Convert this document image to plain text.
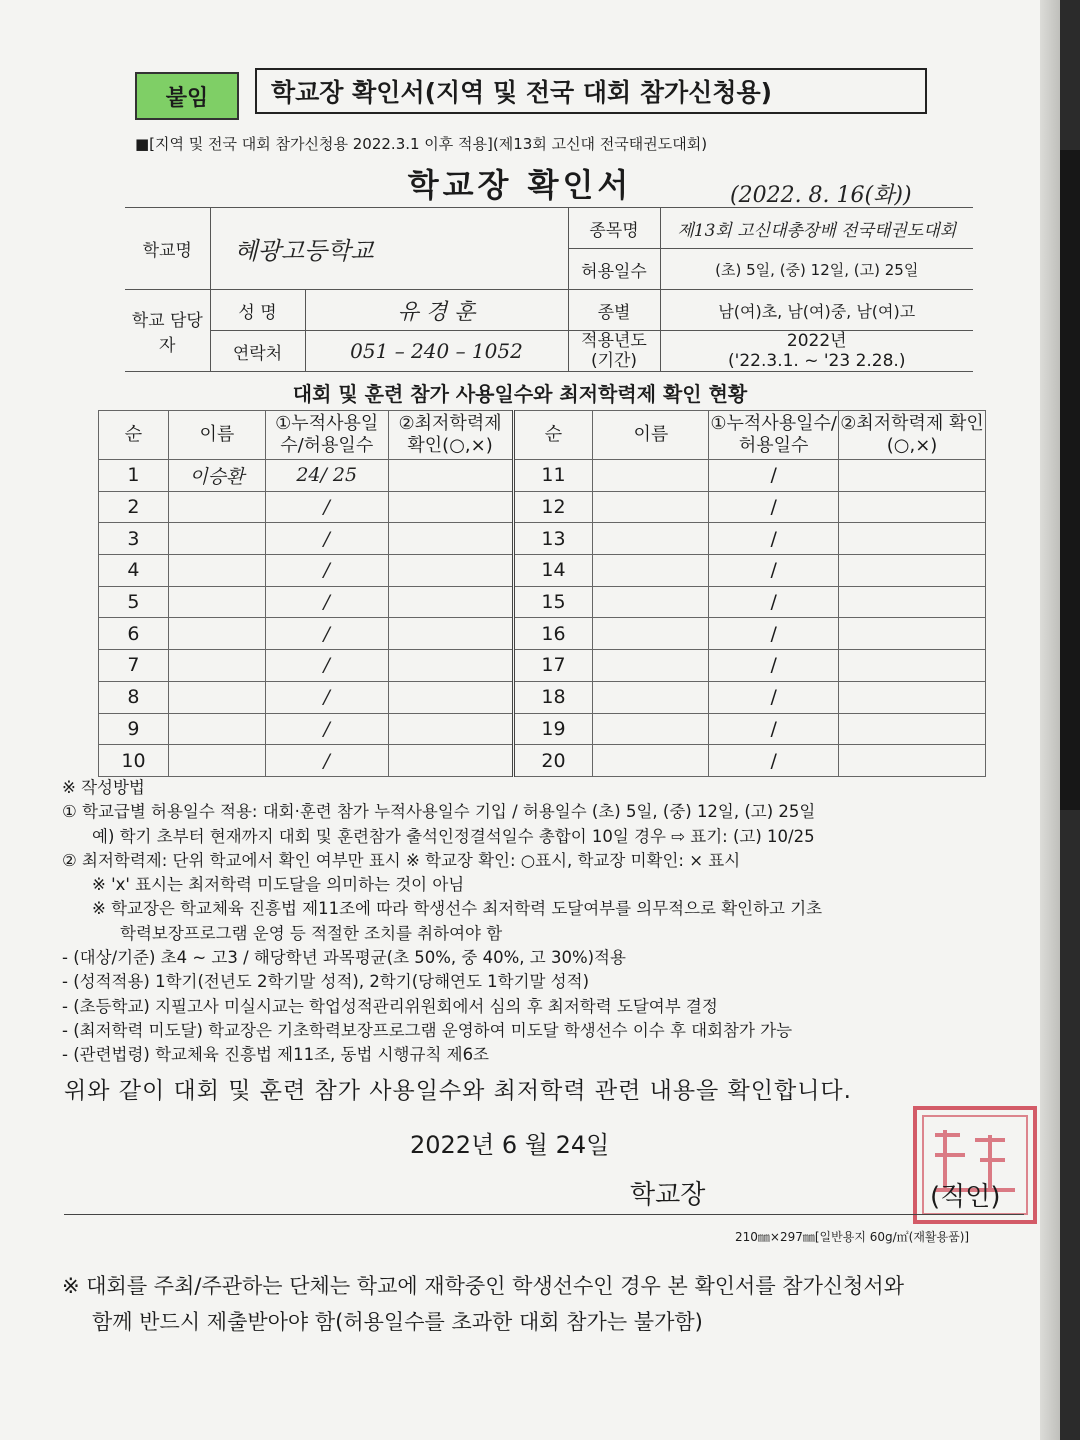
붙임	학교장 확인서(지역 및 전국 대회 참가신청용)
■[지역 및 전국 대회 참가신청용 2022.3.1 이후 적용](제13회 고신대 전국태권도대회)
학교장 확인서	(2022. 8. 16(화))
학교명	혜광고등학교		종목명	제13회 고신대총장배 전국태권도대회
			허용일수	(초) 5일, (중) 12일, (고) 25일
학교 담당자	성 명	유 경 훈	종별	남(여)초, 남(여)중, 남(여)고
	연락처	051 – 240 – 1052	적용년도 (기간)	2022년
('22.3.1. ~ '23 2.28.)
대회 및 훈련 참가 사용일수와 최저학력제 확인 현황
순	이름	①누적사용일수/허용일수	②최저학력제 확인(○,×)	순	이름	①누적사용일수/허용일수	②최저학력제 확인(○,×)
1	이승환	24/ 25		11		/	
2		/		12		/	
3		/		13		/	
4		/		14		/	
5		/		15		/	
6		/		16		/	
7		/		17		/	
8		/		18		/	
9		/		19		/	
10		/		20		/	
※ 작성방법
① 학교급별 허용일수 적용: 대회·훈련 참가 누적사용일수 기입 / 허용일수 (초) 5일, (중) 12일, (고) 25일
예) 학기 초부터 현재까지 대회 및 훈련참가 출석인정결석일수 총합이 10일 경우 ⇨ 표기: (고) 10/25
② 최저학력제: 단위 학교에서 확인 여부만 표시 ※ 학교장 확인: ○표시, 학교장 미확인: × 표시
※ 'x' 표시는 최저학력 미도달을 의미하는 것이 아님
※ 학교장은 학교체육 진흥법 제11조에 따라 학생선수 최저학력 도달여부를 의무적으로 확인하고 기초
학력보장프로그램 운영 등 적절한 조치를 취하여야 함
- (대상/기준) 초4 ~ 고3 / 해당학년 과목평균(초 50%, 중 40%, 고 30%)적용
- (성적적용) 1학기(전년도 2학기말 성적), 2학기(당해연도 1학기말 성적)
- (초등학교) 지필고사 미실시교는 학업성적관리위원회에서 심의 후 최저학력 도달여부 결정
- (최저학력 미도달) 학교장은 기초학력보장프로그램 운영하여 미도달 학생선수 이수 후 대회참가 가능
- (관련법령) 학교체육 진흥법 제11조, 동법 시행규칙 제6조
위와 같이 대회 및 훈련 참가 사용일수와 최저학력 관련 내용을 확인합니다.
2022년 6 월 24일
학교장	(직인)
210㎜×297㎜[일반용지 60g/㎡(재활용품)]
※ 대회를 주최/주관하는 단체는 학교에 재학중인 학생선수인 경우 본 확인서를 참가신청서와
함께 반드시 제출받아야 함(허용일수를 초과한 대회 참가는 불가함)
